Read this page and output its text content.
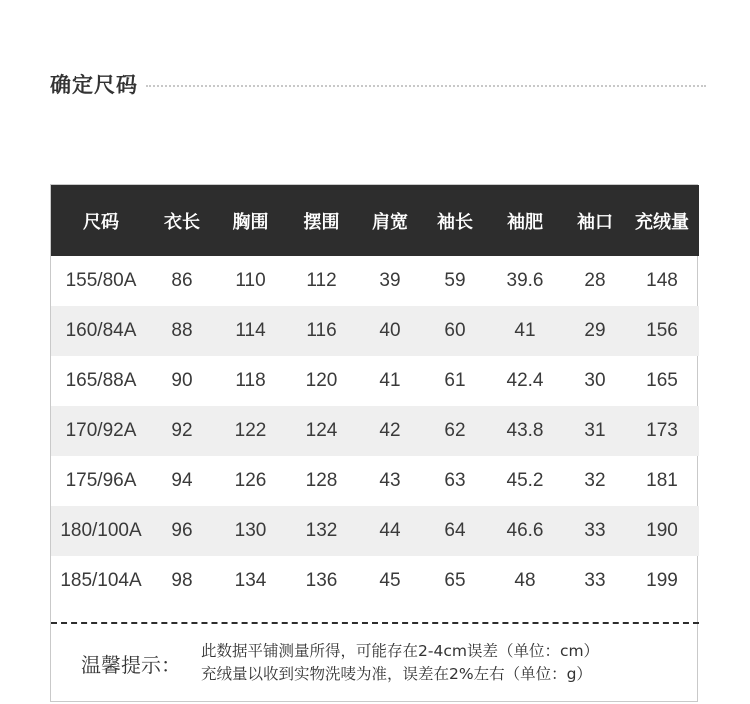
确定尺码
尺码	衣长	胸围	摆围	肩宽	袖长	袖肥	袖口	充绒量
155/80A	86	110	112	39	59	39.6	28	148
160/84A	88	114	116	40	60	41	29	156
165/88A	90	118	120	41	61	42.4	30	165
170/92A	92	122	124	42	62	43.8	31	173
175/96A	94	126	128	43	63	45.2	32	181
180/100A	96	130	132	44	64	46.6	33	190
185/104A	98	134	136	45	65	48	33	199
温馨提示：
此数据平铺测量所得，可能存在2-4cm误差（单位：cm）
充绒量以收到实物洗唛为准，误差在2%左右（单位：g）
